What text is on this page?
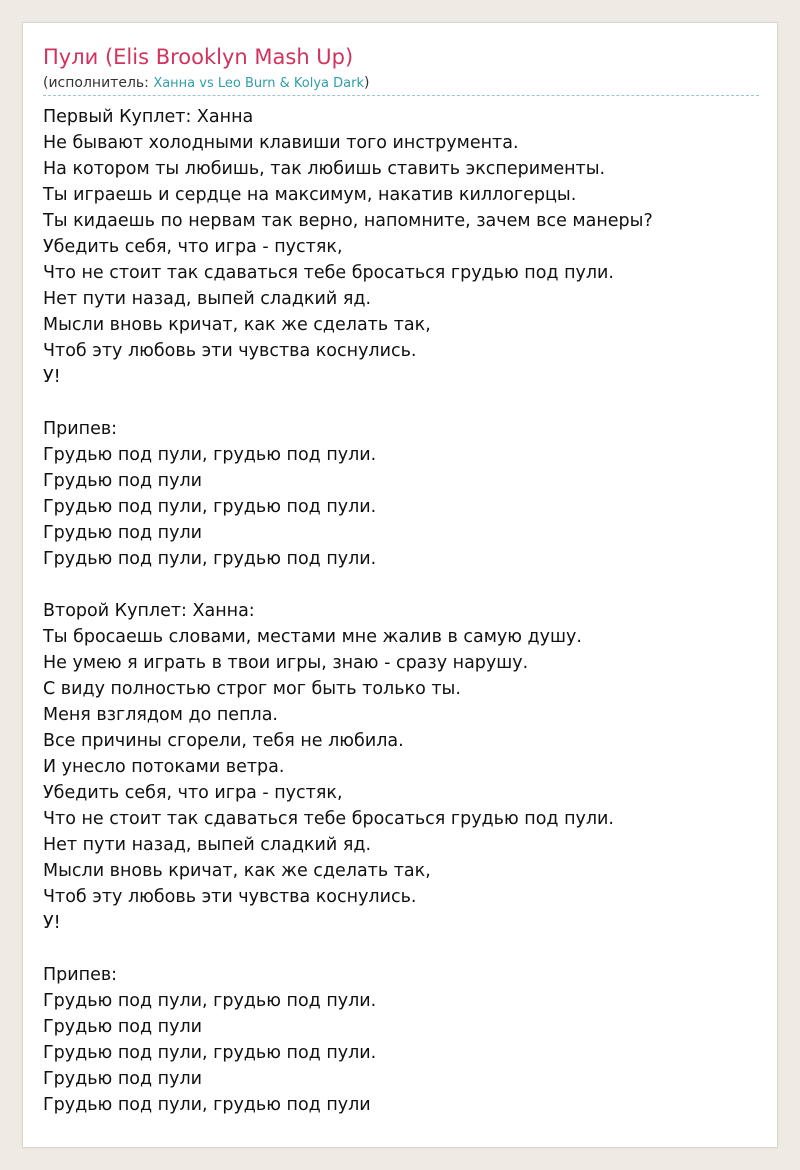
Пули (Elis Brooklyn Mash Up)
(исполнитель: Ханна vs Leo Burn & Kolya Dark)
Первый Куплет: Ханна
Не бывают холодными клавиши того инструмента.
На котором ты любишь, так любишь ставить эксперименты.
Ты играешь и сердце на максимум, накатив киллогерцы.
Ты кидаешь по нервам так верно, напомните, зачем все манеры?
Убедить себя, что игра - пустяк,
Что не стоит так сдаваться тебе бросаться грудью под пули.
Нет пути назад, выпей сладкий яд.
Мысли вновь кричат, как же сделать так,
Чтоб эту любовь эти чувства коснулись.
У!
Припев:
Грудью под пули, грудью под пули.
Грудью под пули
Грудью под пули, грудью под пули.
Грудью под пули
Грудью под пули, грудью под пули.
Второй Куплет: Ханна:
Ты бросаешь словами, местами мне жалив в самую душу.
Не умею я играть в твои игры, знаю - сразу нарушу.
С виду полностью строг мог быть только ты.
Меня взглядом до пепла.
Все причины сгорели, тебя не любила.
И унесло потоками ветра.
Убедить себя, что игра - пустяк,
Что не стоит так сдаваться тебе бросаться грудью под пули.
Нет пути назад, выпей сладкий яд.
Мысли вновь кричат, как же сделать так,
Чтоб эту любовь эти чувства коснулись.
У!
Припев:
Грудью под пули, грудью под пули.
Грудью под пули
Грудью под пули, грудью под пули.
Грудью под пули
Грудью под пули, грудью под пули
